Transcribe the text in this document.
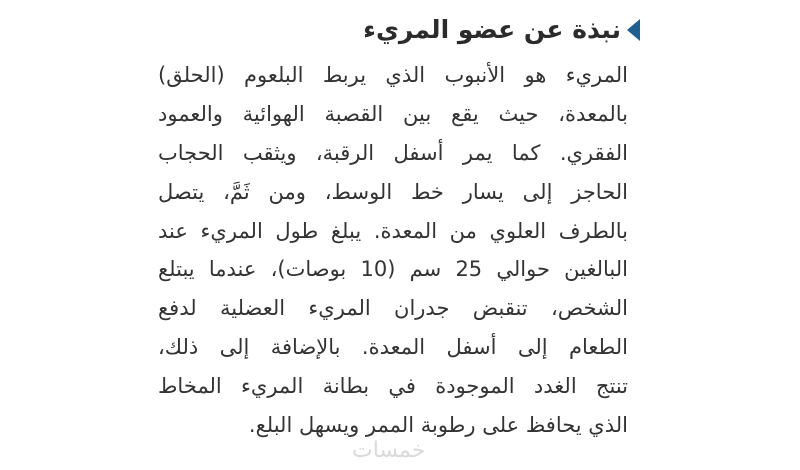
نبذة عن عضو المريء
المريء هو الأنبوب الذي يربط البلعوم (الحلق)
بالمعدة، حيث يقع بين القصبة الهوائية والعمود
الفقري. كما يمر أسفل الرقبة، ويثقب الحجاب
الحاجز إلى يسار خط الوسط، ومن ثَمَّ، يتصل
بالطرف العلوي من المعدة. يبلغ طول المريء عند
البالغين حوالي 25 سم (10 بوصات)، عندما يبتلع
الشخص، تنقبض جدران المريء العضلية لدفع
الطعام إلى أسفل المعدة. بالإضافة إلى ذلك،
تنتج الغدد الموجودة في بطانة المريء المخاط
الذي يحافظ على رطوبة الممر ويسهل البلع.
خمسات
